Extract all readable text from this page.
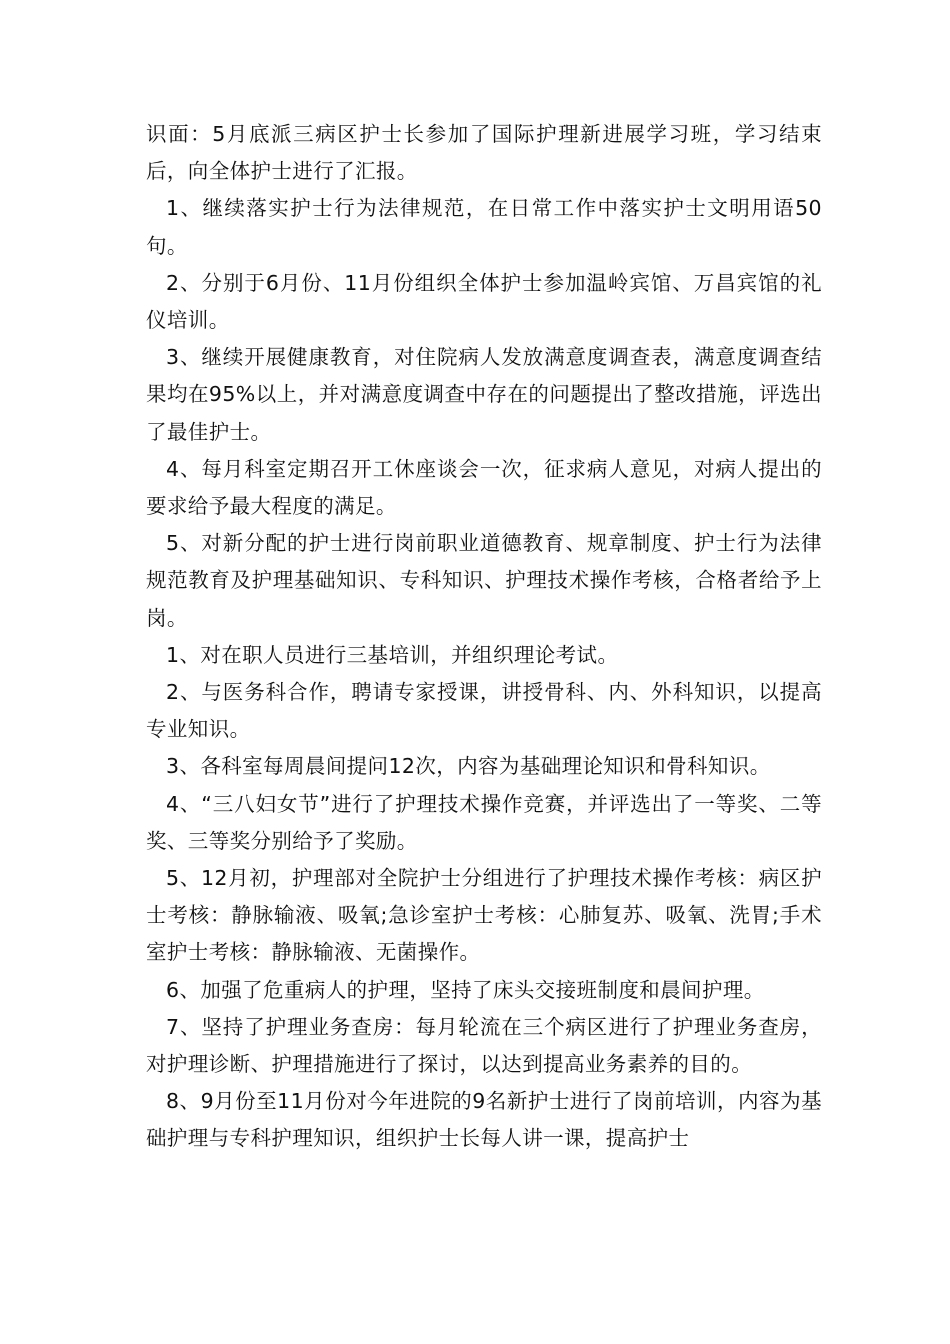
识面：5月底派三病区护士长参加了国际护理新进展学习班，学习结束后，向全体护士进行了汇报。

1、继续落实护士行为法律规范，在日常工作中落实护士文明用语50句。

2、分别于6月份、11月份组织全体护士参加温岭宾馆、万昌宾馆的礼仪培训。

3、继续开展健康教育，对住院病人发放满意度调查表，满意度调查结果均在95%以上，并对满意度调查中存在的问题提出了整改措施，评选出了最佳护士。

4、每月科室定期召开工休座谈会一次，征求病人意见，对病人提出的要求给予最大程度的满足。

5、对新分配的护士进行岗前职业道德教育、规章制度、护士行为法律规范教育及护理基础知识、专科知识、护理技术操作考核，合格者给予上岗。

1、对在职人员进行三基培训，并组织理论考试。

2、与医务科合作，聘请专家授课，讲授骨科、内、外科知识，以提高专业知识。

3、各科室每周晨间提问12次，内容为基础理论知识和骨科知识。

4、“三八妇女节”进行了护理技术操作竞赛，并评选出了一等奖、二等奖、三等奖分别给予了奖励。

5、12月初，护理部对全院护士分组进行了护理技术操作考核：病区护士考核：静脉输液、吸氧;急诊室护士考核：心肺复苏、吸氧、洗胃;手术室护士考核：静脉输液、无菌操作。

6、加强了危重病人的护理，坚持了床头交接班制度和晨间护理。

7、坚持了护理业务查房：每月轮流在三个病区进行了护理业务查房，对护理诊断、护理措施进行了探讨，以达到提高业务素养的目的。

8、9月份至11月份对今年进院的9名新护士进行了岗前培训，内容为基础护理与专科护理知识，组织护士长每人讲一课，提高护士
